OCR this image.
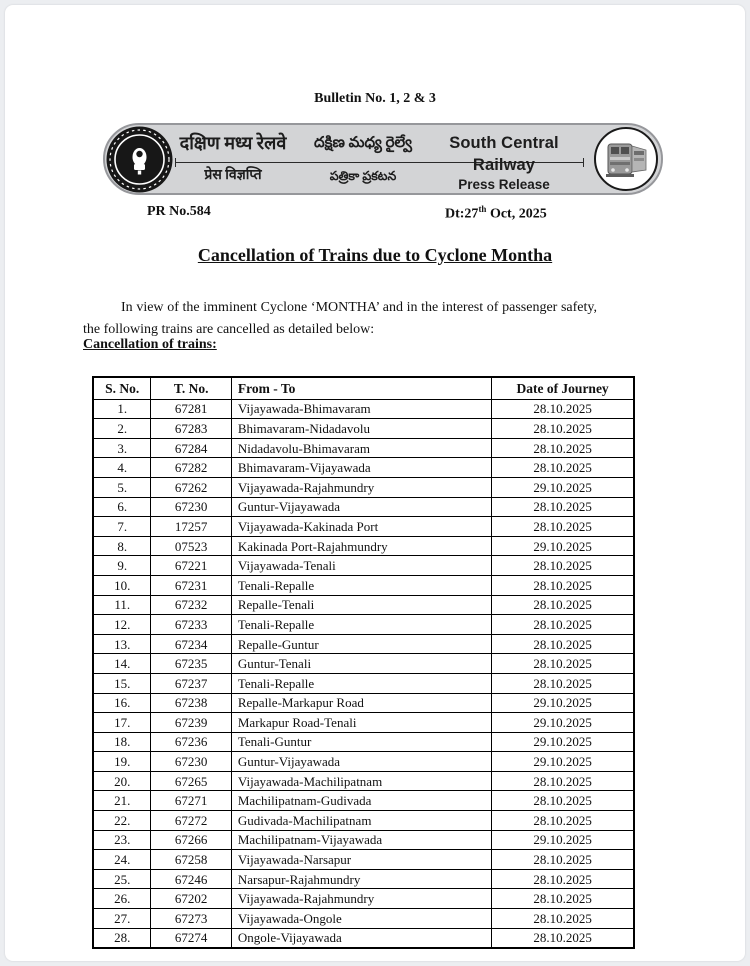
Bulletin No. 1, 2 & 3
दक्षिण मध्य रेलवे
प्रेस विज्ञप्ति
దక్షిణ మధ్య రైల్వే
పత్రికా ప్రకటన
South Central Railway
Press Release
PR No.584	Dt:27th Oct, 2025
Cancellation of Trains due to Cyclone Montha

In view of the imminent Cyclone ‘MONTHA’ and in the interest of passenger safety, the following trains are cancelled as detailed below:

Cancellation of trains:
S. No.	T. No.	From - To	Date of Journey
1.	67281	Vijayawada-Bhimavaram	28.10.2025
2.	67283	Bhimavaram-Nidadavolu	28.10.2025
3.	67284	Nidadavolu-Bhimavaram	28.10.2025
4.	67282	Bhimavaram-Vijayawada	28.10.2025
5.	67262	Vijayawada-Rajahmundry	29.10.2025
6.	67230	Guntur-Vijayawada	28.10.2025
7.	17257	Vijayawada-Kakinada Port	28.10.2025
8.	07523	Kakinada Port-Rajahmundry	29.10.2025
9.	67221	Vijayawada-Tenali	28.10.2025
10.	67231	Tenali-Repalle	28.10.2025
11.	67232	Repalle-Tenali	28.10.2025
12.	67233	Tenali-Repalle	28.10.2025
13.	67234	Repalle-Guntur	28.10.2025
14.	67235	Guntur-Tenali	28.10.2025
15.	67237	Tenali-Repalle	28.10.2025
16.	67238	Repalle-Markapur Road	29.10.2025
17.	67239	Markapur Road-Tenali	29.10.2025
18.	67236	Tenali-Guntur	29.10.2025
19.	67230	Guntur-Vijayawada	29.10.2025
20.	67265	Vijayawada-Machilipatnam	28.10.2025
21.	67271	Machilipatnam-Gudivada	28.10.2025
22.	67272	Gudivada-Machilipatnam	28.10.2025
23.	67266	Machilipatnam-Vijayawada	29.10.2025
24.	67258	Vijayawada-Narsapur	28.10.2025
25.	67246	Narsapur-Rajahmundry	28.10.2025
26.	67202	Vijayawada-Rajahmundry	28.10.2025
27.	67273	Vijayawada-Ongole	28.10.2025
28.	67274	Ongole-Vijayawada	28.10.2025
